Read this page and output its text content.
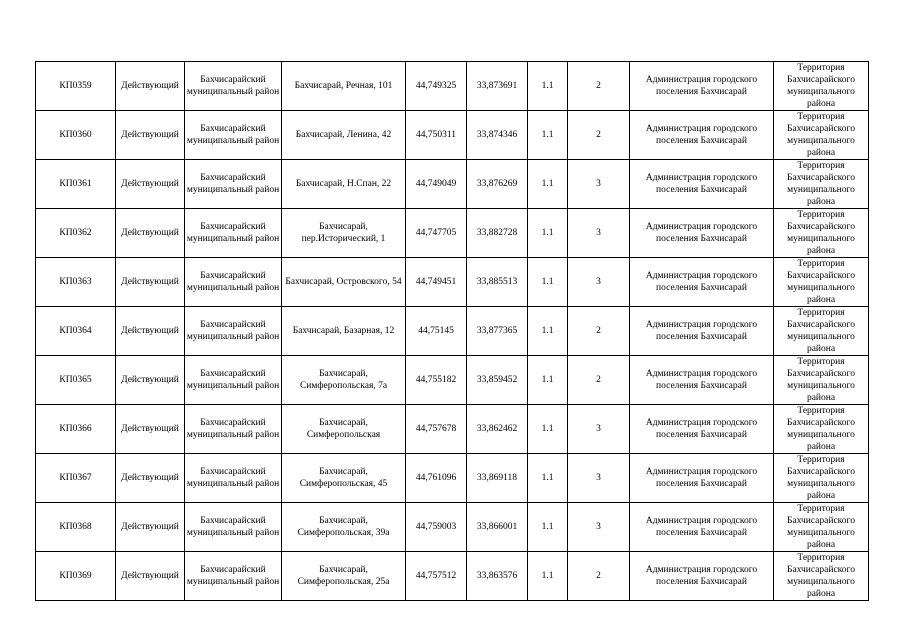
КП0359	Действующий	Бахчисарайский муниципальный район	Бахчисарай, Речная, 101	44,749325	33,873691	1.1	2	Администрация городского поселения Бахчисарай	Территория Бахчисарайского муниципального района
КП0360	Действующий	Бахчисарайский муниципальный район	Бахчисарай, Ленина, 42	44,750311	33,874346	1.1	2	Администрация городского поселения Бахчисарай	Территория Бахчисарайского муниципального района
КП0361	Действующий	Бахчисарайский муниципальный район	Бахчисарай, Н.Спан, 22	44,749049	33,876269	1.1	3	Администрация городского поселения Бахчисарай	Территория Бахчисарайского муниципального района
КП0362	Действующий	Бахчисарайский муниципальный район	Бахчисарай, пер.Исторический, 1	44,747705	33,882728	1.1	3	Администрация городского поселения Бахчисарай	Территория Бахчисарайского муниципального района
КП0363	Действующий	Бахчисарайский муниципальный район	Бахчисарай, Островского, 54	44,749451	33,885513	1.1	3	Администрация городского поселения Бахчисарай	Территория Бахчисарайского муниципального района
КП0364	Действующий	Бахчисарайский муниципальный район	Бахчисарай, Базарная, 12	44,75145	33,877365	1.1	2	Администрация городского поселения Бахчисарай	Территория Бахчисарайского муниципального района
КП0365	Действующий	Бахчисарайский муниципальный район	Бахчисарай, Симферопольская, 7а	44,755182	33,859452	1.1	2	Администрация городского поселения Бахчисарай	Территория Бахчисарайского муниципального района
КП0366	Действующий	Бахчисарайский муниципальный район	Бахчисарай, Симферопольская	44,757678	33,862462	1.1	3	Администрация городского поселения Бахчисарай	Территория Бахчисарайского муниципального района
КП0367	Действующий	Бахчисарайский муниципальный район	Бахчисарай, Симферопольская, 45	44,761096	33,869118	1.1	3	Администрация городского поселения Бахчисарай	Территория Бахчисарайского муниципального района
КП0368	Действующий	Бахчисарайский муниципальный район	Бахчисарай, Симферопольская, 39а	44,759003	33,866001	1.1	3	Администрация городского поселения Бахчисарай	Территория Бахчисарайского муниципального района
КП0369	Действующий	Бахчисарайский муниципальный район	Бахчисарай, Симферопольская, 25а	44,757512	33,863576	1.1	2	Администрация городского поселения Бахчисарай	Территория Бахчисарайского муниципального района
